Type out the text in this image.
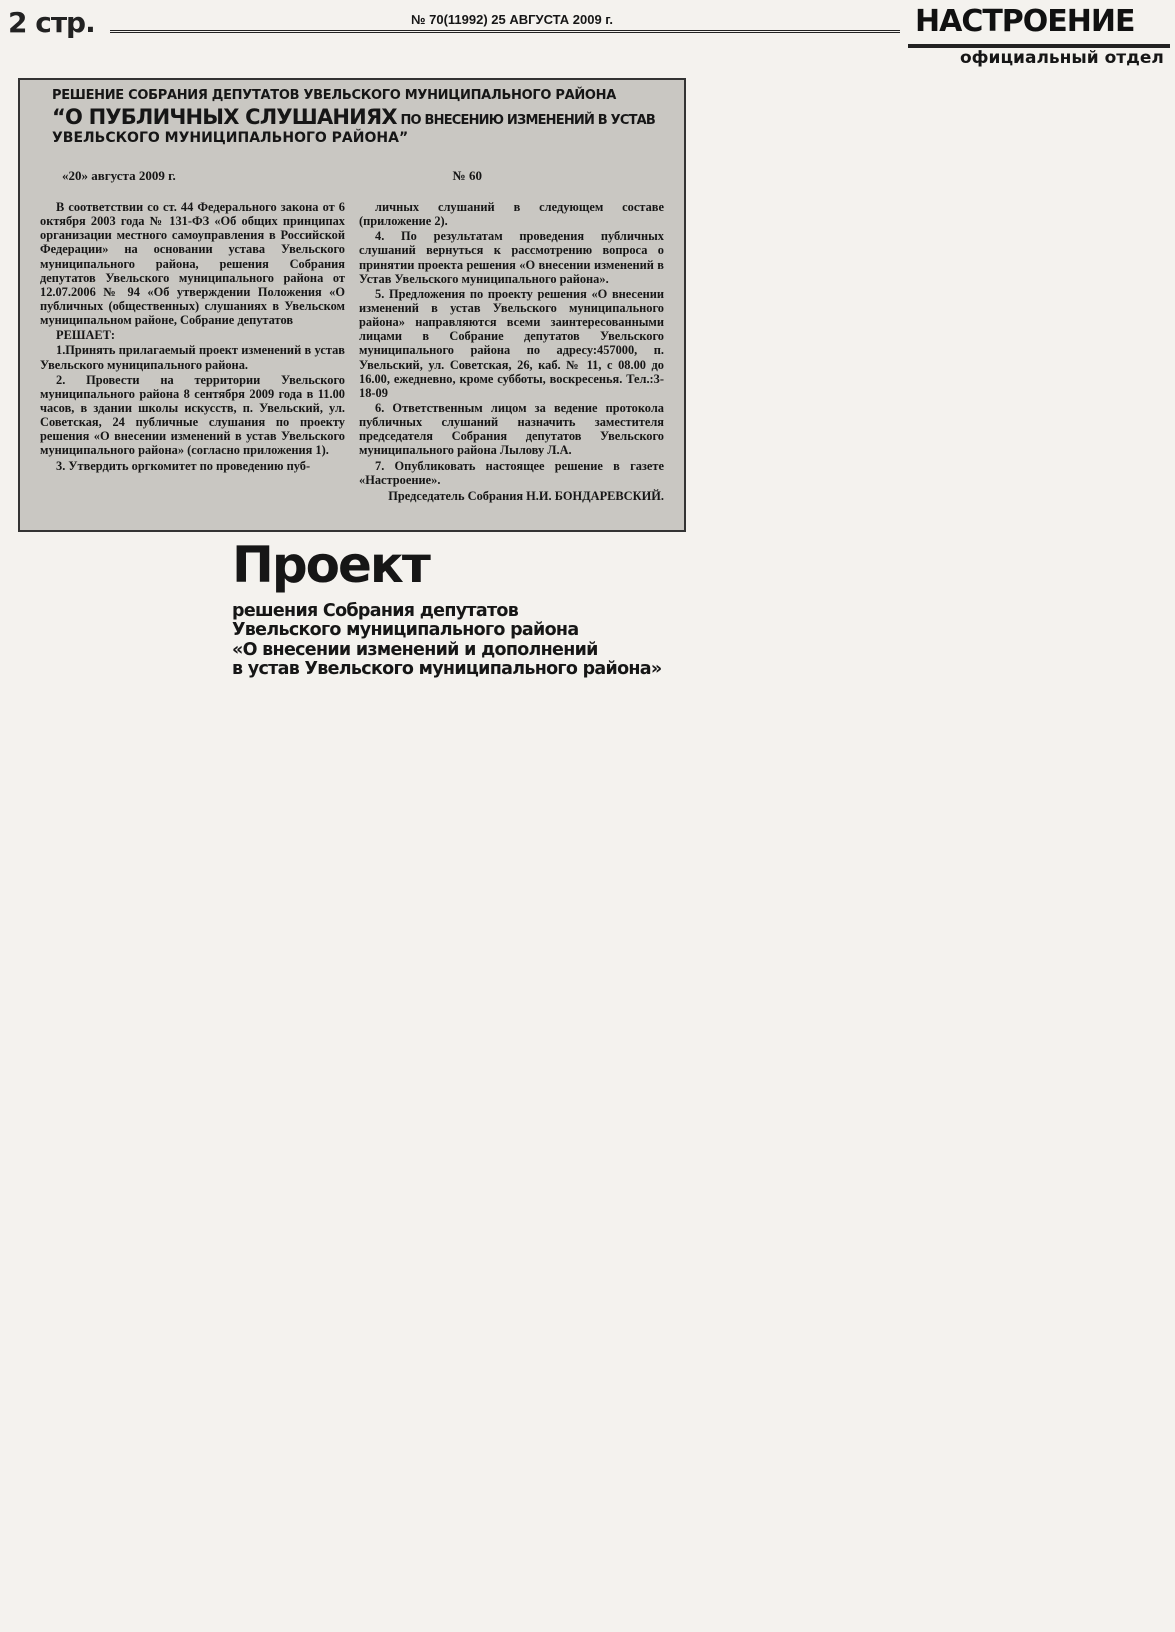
2 стр.	№ 70(11992) 25 АВГУСТА 2009 г.	НАСТРОЕНИЕ
официальный отдел
РЕШЕНИЕ СОБРАНИЯ ДЕПУТАТОВ УВЕЛЬСКОГО МУНИЦИПАЛЬНОГО РАЙОНА
“О ПУБЛИЧНЫХ СЛУШАНИЯХ ПО ВНЕСЕНИЮ ИЗМЕНЕНИЙ В УСТАВ
УВЕЛЬСКОГО МУНИЦИПАЛЬНОГО РАЙОНА”
«20» августа 2009 г.	№ 60

В соответствии со ст. 44 Федерального закона от 6 октября 2003 года № 131-ФЗ «Об общих принципах организации местного самоуправления в Российской Федерации» на основании устава Увельского муниципального района, решения Собрания депутатов Увельского муниципального района от 12.07.2006 № 94 «Об утверждении Положения «О публичных (общественных) слушаниях в Увельском муниципальном районе, Собрание депутатов

РЕШАЕТ:

1.Принять прилагаемый проект изменений в устав Увельского муниципального района.

2. Провести на территории Увельского муниципального района 8 сентября 2009 года в 11.00 часов, в здании школы искусств, п. Увельский, ул. Советская, 24 публичные слушания по проекту решения «О внесении изменений в устав Увельского муниципального района» (согласно приложения 1).

3. Утвердить оргкомитет по проведению пуб-

личных слушаний в следующем составе (приложение 2).

4. По результатам проведения публичных слушаний вернуться к рассмотрению вопроса о принятии проекта решения «О внесении изменений в Устав Увельского муниципального района».

5. Предложения по проекту решения «О внесении изменений в устав Увельского муниципального района» направляются всеми заинтересованными лицами в Собрание депутатов Увельского муниципального района по адресу:457000, п. Увельский, ул. Советская, 26, каб. № 11, с 08.00 до 16.00, ежедневно, кроме субботы, воскресенья. Тел.:3-18-09

6. Ответственным лицом за ведение протокола публичных слушаний назначить заместителя председателя Собрания депутатов Увельского муниципального района Лылову Л.А.

7. Опубликовать настоящее решение в газете «Настроение».

Председатель Собрания Н.И. БОНДАРЕВСКИЙ.
Проект
решения Собрания депутатов
Увельского муниципального района
«О внесении изменений и дополнений
в устав Увельского муниципального района»
